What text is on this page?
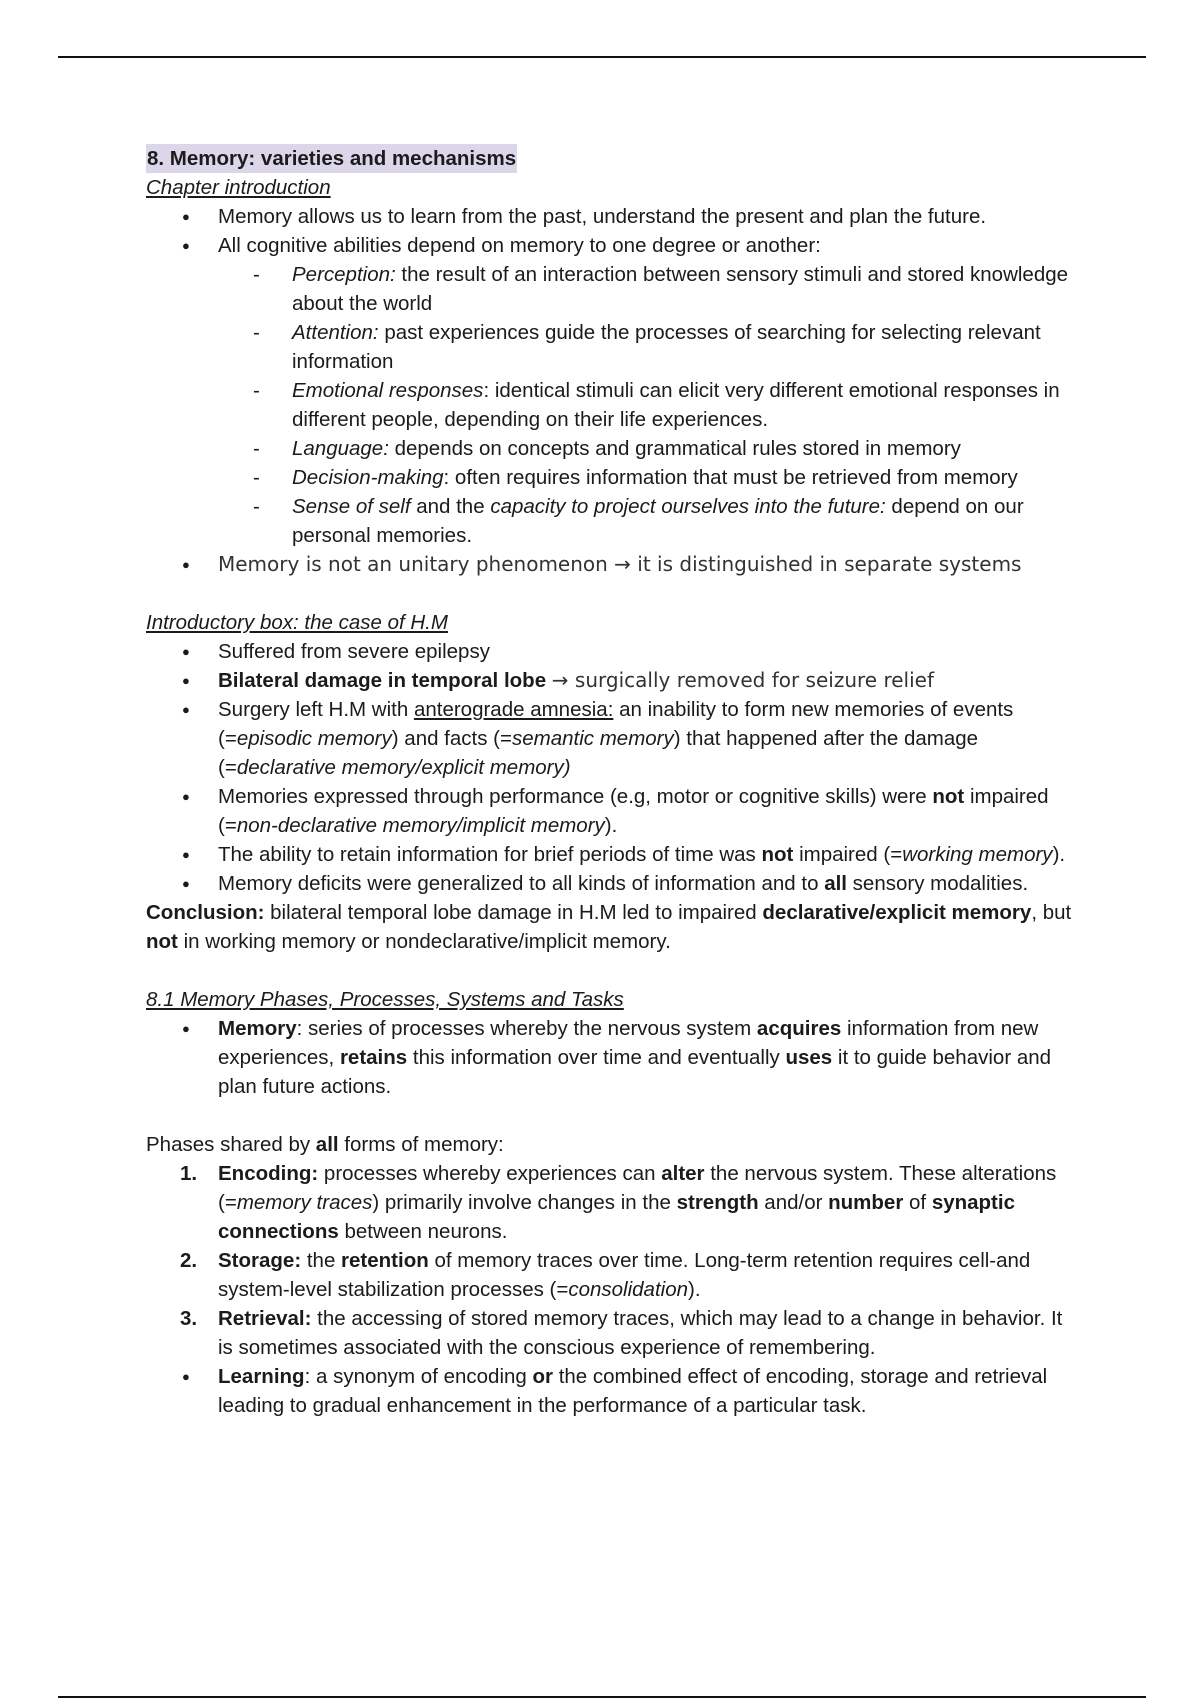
8. Memory: varieties and mechanisms
Chapter introduction
● Memory allows us to learn from the past, understand the present and plan the future.
● All cognitive abilities depend on memory to one degree or another:
- Perception: the result of an interaction between sensory stimuli and stored knowledge about the world
- Attention: past experiences guide the processes of searching for selecting relevant information
- Emotional responses: identical stimuli can elicit very different emotional responses in different people, depending on their life experiences.
- Language: depends on concepts and grammatical rules stored in memory
- Decision-making: often requires information that must be retrieved from memory
- Sense of self and the capacity to project ourselves into the future: depend on our personal memories.
● Memory is not an unitary phenomenon → it is distinguished in separate systems
Introductory box: the case of H.M
● Suffered from severe epilepsy
● Bilateral damage in temporal lobe → surgically removed for seizure relief
● Surgery left H.M with anterograde amnesia: an inability to form new memories of events (=episodic memory) and facts (=semantic memory) that happened after the damage (=declarative memory/explicit memory)
● Memories expressed through performance (e.g, motor or cognitive skills) were not impaired (=non-declarative memory/implicit memory).
● The ability to retain information for brief periods of time was not impaired (=working memory).
● Memory deficits were generalized to all kinds of information and to all sensory modalities.
Conclusion: bilateral temporal lobe damage in H.M led to impaired declarative/explicit memory, but not in working memory or nondeclarative/implicit memory.
8.1 Memory Phases, Processes, Systems and Tasks
● Memory: series of processes whereby the nervous system acquires information from new experiences, retains this information over time and eventually uses it to guide behavior and plan future actions.
Phases shared by all forms of memory:
1. Encoding: processes whereby experiences can alter the nervous system. These alterations (=memory traces) primarily involve changes in the strength and/or number of synaptic connections between neurons.
2. Storage: the retention of memory traces over time. Long-term retention requires cell-and system-level stabilization processes (=consolidation).
3. Retrieval: the accessing of stored memory traces, which may lead to a change in behavior. It is sometimes associated with the conscious experience of remembering.
● Learning: a synonym of encoding or the combined effect of encoding, storage and retrieval leading to gradual enhancement in the performance of a particular task.
